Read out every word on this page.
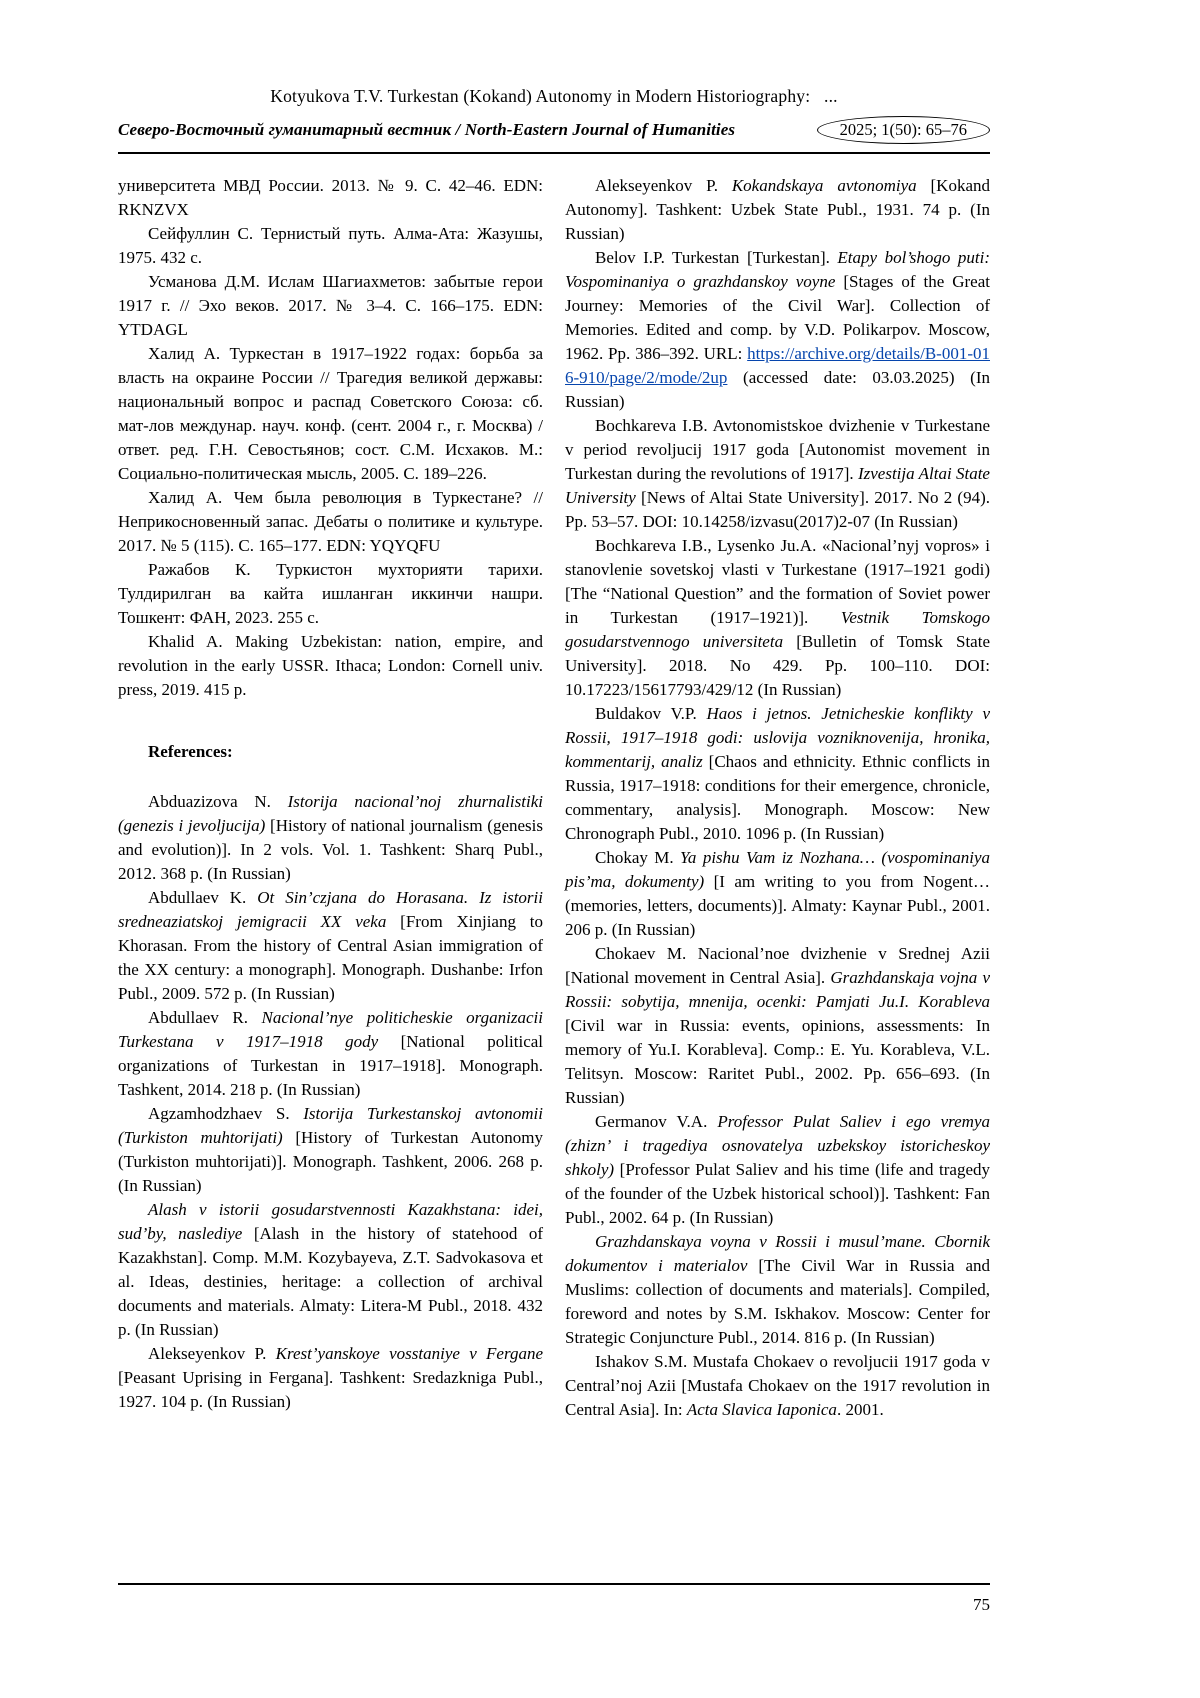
Kotyukova T.V. Turkestan (Kokand) Autonomy in Modern Historiography:   ...
Северо-Восточный гуманитарный вестник / North-Eastern Journal of Humanities	2025; 1(50): 65–76

университета МВД России. 2013. № 9. С. 42–46. EDN: RKNZVX

Сейфуллин С. Тернистый путь. Алма-Ата: Жазушы, 1975. 432 с.

Усманова Д.М. Ислам Шагиахметов: забытые герои 1917 г. // Эхо веков. 2017. № 3–4. С. 166–175. EDN: YTDAGL

Халид А. Туркестан в 1917–1922 годах: борьба за власть на окраине России // Трагедия великой державы: национальный вопрос и распад Советского Союза: сб. мат-лов междунар. науч. конф. (сент. 2004 г., г. Москва) / ответ. ред. Г.Н. Севостьянов; сост. С.М. Исхаков. М.: Социально-политическая мысль, 2005. С. 189–226.

Халид А. Чем была революция в Туркестане? // Неприкосновенный запас. Дебаты о политике и культуре. 2017. № 5 (115). С. 165–177. EDN: YQYQFU

Ражабов К. Туркистон мухторияти тарихи. Тулдирилган ва кайта ишланган иккинчи нашри. Тошкент: ФАН, 2023. 255 с.

Khalid A. Making Uzbekistan: nation, empire, and revolution in the early USSR. Ithaca; London: Cornell univ. press, 2019. 415 p.

References:

Abduazizova N. Istorija nacional’noj zhurnalistiki (genezis i jevoljucija) [History of national journalism (genesis and evolution)]. In 2 vols. Vol. 1. Tashkent: Sharq Publ., 2012. 368 p. (In Russian)

Abdullaev K. Ot Sin’czjana do Horasana. Iz istorii sredneaziatskoj jemigracii XX veka [From Xinjiang to Khorasan. From the history of Central Asian immigration of the XX century: a monograph]. Monograph. Dushanbe: Irfon Publ., 2009. 572 p. (In Russian)

Abdullaev R. Nacional’nye politicheskie organizacii Turkestana v 1917–1918 gody [National political organizations of Turkestan in 1917–1918]. Monograph. Tashkent, 2014. 218 p. (In Russian)

Agzamhodzhaev S. Istorija Turkestanskoj avtonomii (Turkiston muhtorijati) [History of Turkestan Autonomy (Turkiston muhtorijati)]. Monograph. Tashkent, 2006. 268 p. (In Russian)

Alash v istorii gosudarstvennosti Kazakhstana: idei, sud’by, naslediye [Alash in the history of statehood of Kazakhstan]. Comp. M.M. Kozybayeva, Z.T. Sadvokasova et al. Ideas, destinies, heritage: a collection of archival documents and materials. Almaty: Litera-M Publ., 2018. 432 p. (In Russian)

Alekseyenkov P. Krest’yanskoye vosstaniye v Fergane [Peasant Uprising in Fergana]. Tashkent: Sredazkniga Publ., 1927. 104 p. (In Russian)

Alekseyenkov P. Kokandskaya avtonomiya [Kokand Autonomy]. Tashkent: Uzbek State Publ., 1931. 74 p. (In Russian)

Belov I.P. Turkestan [Turkestan]. Etapy bol’shogo puti: Vospominaniya o grazhdanskoy voyne [Stages of the Great Journey: Memories of the Civil War]. Collection of Memories. Edited and comp. by V.D. Polikarpov. Moscow, 1962. Pp. 386–392. URL: https://archive.org/details/B-001-016-910/page/2/mode/2up (accessed date: 03.03.2025) (In Russian)

Bochkareva I.B. Avtonomistskoe dvizhenie v Turkestane v period revoljucij 1917 goda [Autonomist movement in Turkestan during the revolutions of 1917]. Izvestija Altai State University [News of Altai State University]. 2017. No 2 (94). Pp. 53–57. DOI: 10.14258/izvasu(2017)2-07 (In Russian)

Bochkareva I.B., Lysenko Ju.A. «Nacional’nyj vopros» i stanovlenie sovetskoj vlasti v Turkestane (1917–1921 godi) [The “National Question” and the formation of Soviet power in Turkestan (1917–1921)]. Vestnik Tomskogo gosudarstvennogo universiteta [Bulletin of Tomsk State University]. 2018. No 429. Pp. 100–110. DOI: 10.17223/15617793/429/12 (In Russian)

Buldakov V.P. Haos i jetnos. Jetnicheskie konflikty v Rossii, 1917–1918 godi: uslovija vozniknovenija, hronika, kommentarij, analiz [Chaos and ethnicity. Ethnic conflicts in Russia, 1917–1918: conditions for their emergence, chronicle, commentary, analysis]. Monograph. Moscow: New Chronograph Publ., 2010. 1096 p. (In Russian)

Chokay M. Ya pishu Vam iz Nozhana… (vospominaniya pis’ma, dokumenty) [I am writing to you from Nogent… (memories, letters, documents)]. Almaty: Kaynar Publ., 2001. 206 p. (In Russian)

Chokaev M. Nacional’noe dvizhenie v Srednej Azii [National movement in Central Asia]. Grazhdanskaja vojna v Rossii: sobytija, mnenija, ocenki: Pamjati Ju.I. Korableva [Civil war in Russia: events, opinions, assessments: In memory of Yu.I. Korableva]. Comp.: E. Yu. Korableva, V.L. Telitsyn. Moscow: Raritet Publ., 2002. Pp. 656–693. (In Russian)

Germanov V.A. Professor Pulat Saliev i ego vremya (zhizn’ i tragediya osnovatelya uzbekskoy istoricheskoy shkoly) [Professor Pulat Saliev and his time (life and tragedy of the founder of the Uzbek historical school)]. Tashkent: Fan Publ., 2002. 64 p. (In Russian)

Grazhdanskaya voyna v Rossii i musul’mane. Cbornik dokumentov i materialov [The Civil War in Russia and Muslims: collection of documents and materials]. Compiled, foreword and notes by S.M. Iskhakov. Moscow: Center for Strategic Conjuncture Publ., 2014. 816 p. (In Russian)

Ishakov S.M. Mustafa Chokaev o revoljucii 1917 goda v Central’noj Azii [Mustafa Chokaev on the 1917 revolution in Central Asia]. In: Acta Slavica Iaponica. 2001.

75
